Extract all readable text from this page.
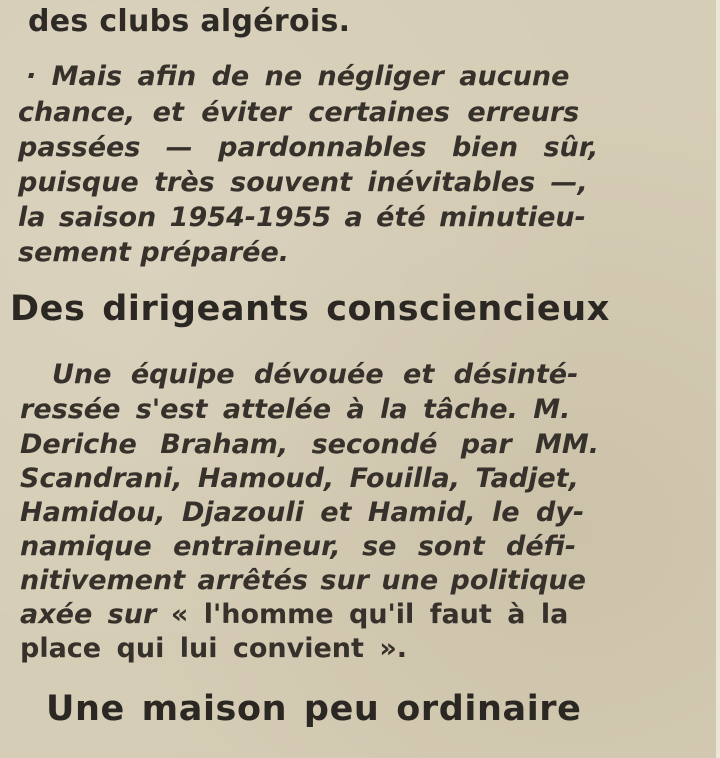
des clubs algérois.

· Mais afin de ne négliger aucune

chance, et éviter certaines erreurs

passées — pardonnables bien sûr,

puisque très souvent inévitables —,

la saison 1954-1955 a été minutieu-

sement préparée.

Des dirigeants consciencieux

Une équipe dévouée et désinté-

ressée s'est attelée à la tâche. M.

Deriche Braham, secondé par MM.

Scandrani, Hamoud, Fouilla, Tadjet,

Hamidou, Djazouli et Hamid, le dy-

namique entraineur, se sont défi-

nitivement arrêtés sur une politique

axée sur « l'homme qu'il faut à la

place qui lui convient ».

Une maison peu ordinaire
